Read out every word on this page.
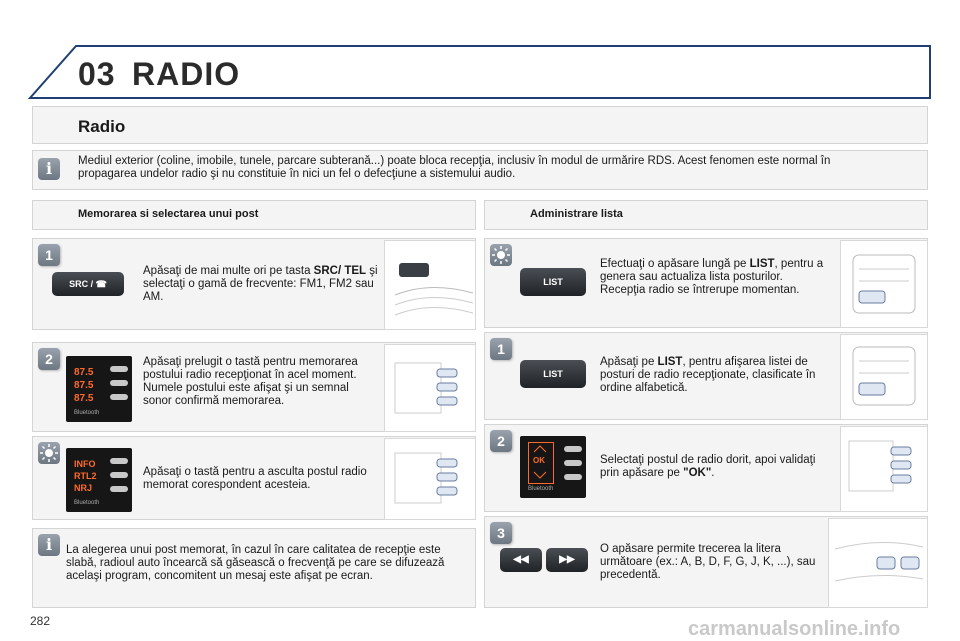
03 RADIO
Radio
i	Mediul exterior (coline, imobile, tunele, parcare subterană...) poate bloca recepţia, inclusiv în modul de urmărire RDS. Acest fenomen este normal în propagarea undelor radio şi nu constituie în nici un fel o defecţiune a sistemului audio.
Memorarea si selectarea unui post	Administrare lista
1
SRC / ☎
Apăsaţi de mai multe ori pe tasta SRC/ TEL şi selectaţi o gamă de frecvente: FM1, FM2 sau AM.
2
87.5
87.5
87.5
Bluetooth
Apăsaţi prelugit o tastă pentru memorarea postului radio recepţionat în acel moment. Numele postului este afişat şi un semnal sonor confirmă memorarea.
INFO
RTL2
NRJ
Bluetooth
Apăsaţi o tastă pentru a asculta postul radio memorat corespondent acesteia.
i	La alegerea unui post memorat, în cazul în care calitatea de recepţie este slabă, radioul auto încearcă să găsească o frecvenţă pe care se difuzează acelaşi program, concomitent un mesaj este afişat pe ecran.
LIST
Efectuaţi o apăsare lungă pe LIST, pentru a genera sau actualiza lista posturilor. Recepţia radio se întrerupe momentan.
1
LIST
Apăsaţi pe LIST, pentru afişarea listei de posturi de radio recepţionate, clasificate în ordine alfabetică.
2
OK
Bluetooth
Selectaţi postul de radio dorit, apoi validaţi prin apăsare pe "OK".
3
◀◀	▶▶
O apăsare permite trecerea la litera următoare (ex.: A, B, D, F, G, J, K, ...), sau precedentă.
282	carmanualsonline.info
